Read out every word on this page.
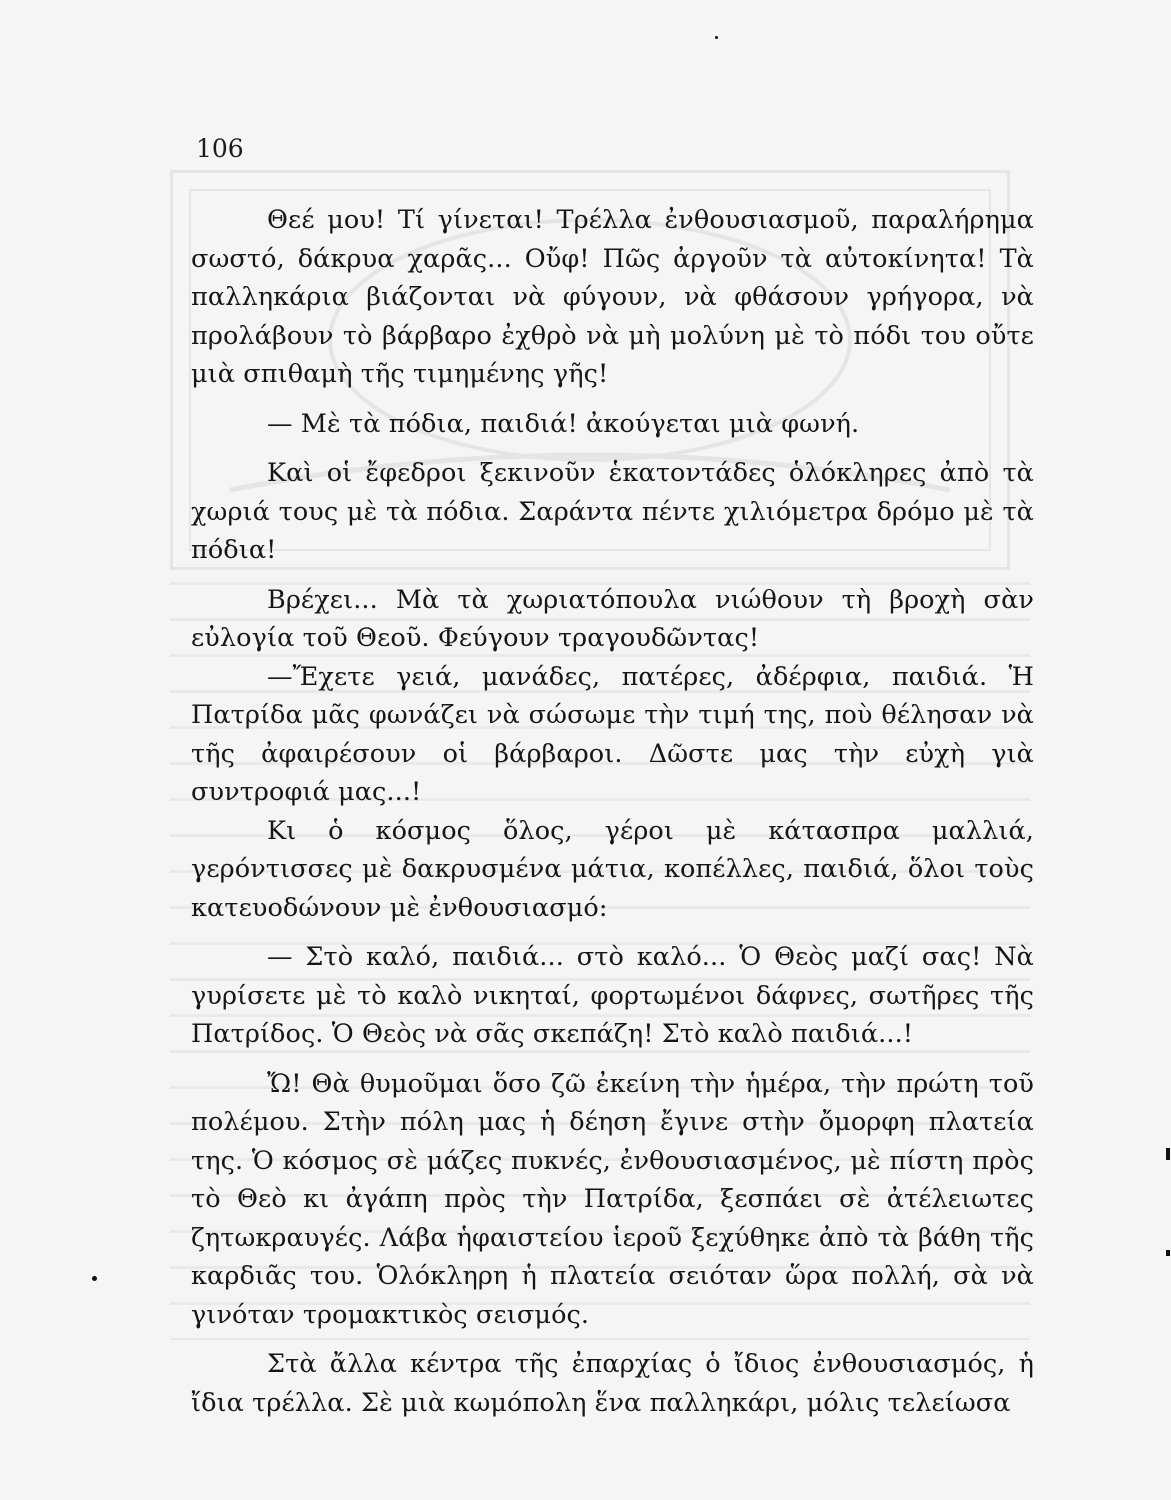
106

Θεέ μου! Τί γίνεται! Τρέλλα ἐνθουσιασμοῦ, παραλήρημα σωστό, δάκρυα χαρᾶς... Οὔφ! Πῶς ἀργοῦν τὰ αὐτοκίνητα! Τὰ παλληκάρια βιάζονται νὰ φύγουν, νὰ φθάσουν γρήγορα, νὰ προλάβουν τὸ βάρβαρο ἐχθρὸ νὰ μὴ μολύνη μὲ τὸ πόδι του οὔτε μιὰ σπιθαμὴ τῆς τιμημένης γῆς!

— Μὲ τὰ πόδια, παιδιά! ἀκούγεται μιὰ φωνή.

Καὶ οἱ ἔφεδροι ξεκινοῦν ἑκατοντάδες ὁλόκληρες ἀπὸ τὰ χωριά τους μὲ τὰ πόδια. Σαράντα πέντε χιλιόμετρα δρόμο μὲ τὰ πόδια!

Βρέχει... Μὰ τὰ χωριατόπουλα νιώθουν τὴ βροχὴ σὰν εὐλογία τοῦ Θεοῦ. Φεύγουν τραγουδῶντας!

—Ἔχετε γειά, μανάδες, πατέρες, ἀδέρφια, παιδιά. Ἡ Πατρίδα μᾶς φωνάζει νὰ σώσωμε τὴν τιμή της, ποὺ θέλησαν νὰ τῆς ἀφαιρέσουν οἱ βάρβαροι. Δῶστε μας τὴν εὐχὴ γιὰ συντροφιά μας...!

Κι ὁ κόσμος ὅλος, γέροι μὲ κάτασπρα μαλλιά, γερόντισσες μὲ δακρυσμένα μάτια, κοπέλλες, παιδιά, ὅλοι τοὺς κατευοδώνουν μὲ ἐνθουσιασμό:

— Στὸ καλό, παιδιά... στὸ καλό... Ὁ Θεὸς μαζί σας! Νὰ γυρίσετε μὲ τὸ καλὸ νικηταί, φορτωμένοι δάφνες, σωτῆρες τῆς Πατρίδος. Ὁ Θεὸς νὰ σᾶς σκεπάζη! Στὸ καλὸ παιδιά...!

Ὤ! Θὰ θυμοῦμαι ὅσο ζῶ ἐκείνη τὴν ἡμέρα, τὴν πρώτη τοῦ πολέμου. Στὴν πόλη μας ἡ δέηση ἔγινε στὴν ὄμορφη πλατεία της. Ὁ κόσμος σὲ μάζες πυκνές, ἐνθουσιασμένος, μὲ πίστη πρὸς τὸ Θεὸ κι ἀγάπη πρὸς τὴν Πατρίδα, ξεσπάει σὲ ἀτέλειωτες ζητωκραυγές. Λάβα ἡφαιστείου ἱεροῦ ξεχύθηκε ἀπὸ τὰ βάθη τῆς καρδιᾶς του. Ὁλόκληρη ἡ πλατεία σειόταν ὥρα πολλή, σὰ νὰ γινόταν τρομακτικὸς σεισμός.

Στὰ ἄλλα κέντρα τῆς ἐπαρχίας ὁ ἴδιος ἐνθουσιασμός, ἡ ἴδια τρέλλα. Σὲ μιὰ κωμόπολη ἕνα παλληκάρι, μόλις τελείωσα
